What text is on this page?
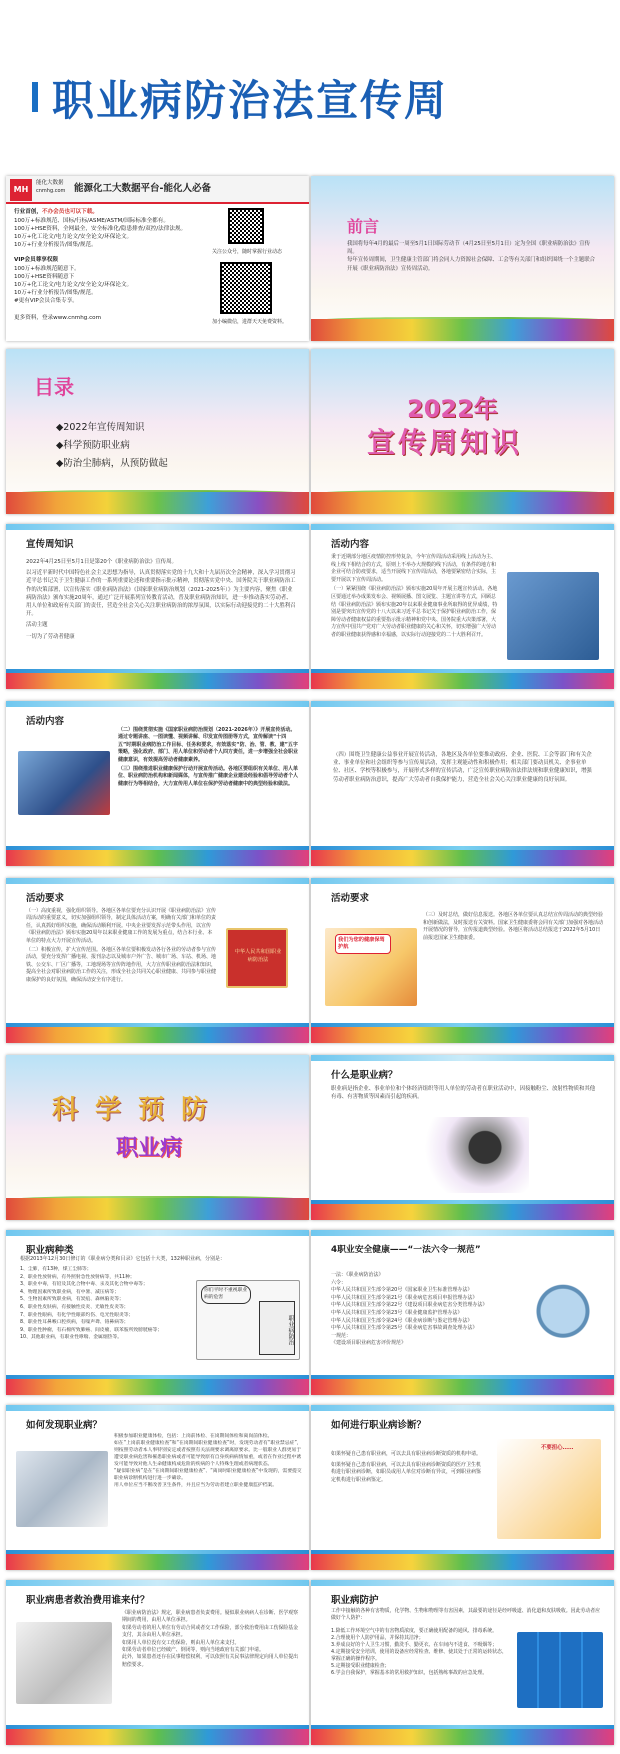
职业病防治法宣传周
MH
能化大数据
cnmhg.com 能源化工大数据平台-能化人必备
行业首创，不办会员也可以下载。
100万+标准规范、国标/行标/ASME/ASTM/国际标准全都有。
100万+HSE资料，全网最全，安全标准化/隐患排查/双控/法律法规。
10万+化工论文/电力论文/安全论文/环保论文。
10万+行业分析报告/图集/规范。
VIP会员尊享权限
100万+标准规范随意下。
100万+HSE资料随意下
10万+化工论文/电力论文/安全论文/环保论文。
10万+行业分析报告/图集/规范。
#更有VIP会员合集专享。
更多资料，登录www.cnmhg.com
关注公众号，随时掌握行业动态
加小编微信，进群天天免费资料。
前言
我国将每年4月的最后一周至5月1日国际劳动节（4月25日至5月1日）定为全国《职业病防治法》宣传周。
每年宣传周期间，卫生健康主管部门将会同人力资源社会保障、工会等有关部门和组织围绕一个主题联合开展《职业病防治法》宣传周活动。
目录
◆2022年宣传周知识
◆科学预防职业病
◆防治尘肺病，从预防做起
2022年
宣传周知识
宣传周知识
2022年4月25日至5月1日是第20个《职业病防治法》宣传周。
以习近平新时代中国特色社会主义思想为指导，认真贯彻落实党的十九大和十九届历次全会精神，深入学习贯彻习近平总书记关于卫生健康工作的一系列重要论述和重要指示批示精神，贯彻落实党中央、国务院关于职业病防治工作的决策部署，以宣传落实《职业病防治法》《国家职业病防治规划（2021-2025年）》为主要内容，聚焦《职业病防治法》颁布实施20周年，通过广泛开展系列宣传教育活动，普及职业病防治知识，进一步推动落实劳动者、用人单位和政府有关部门的责任，营造全社会关心关注职业病防治的浓厚氛围，以实际行动迎接党的二十大胜利召开。
活动主题
一切为了劳动者健康
活动内容
秉于近期部分地区疫情防控形势复杂，今年宣传周活动采用线上活动为主、线上线下相结合的方式，原则上不举办大规模的线下活动，有条件的地方和企业可结合防疫要求，适当开展线下宣传周活动，各地要紧密结合实际，主要开展以下宣传周活动。
（一）紧紧围绕《职业病防治法》颁布实施20周年开展主题宣传活动。各地区要通过举办成果发布会、视频展播、图文展览、主题宣讲等方式，回顾总结《职业病防治法》颁布实施20年以来职业健康事业所取得的优异成绩，特别是要突出宣传党的十八大以来习近平总书记关于保护职业病防治工作，保障劳动者健康权益的重要指示批示精神和党中央、国务院重大决策部署，大力宣传中国共产党对广大劳动者职业健康的关心和关怀，切实增强广大劳动者的职业健康获得感和幸福感，以实际行动迎接党的二十大胜利召开。
活动内容
（二）围绕贯彻实施《国家职业病防治规划（2021-2026年）》开展宣传活动。通过专题讲座、一图读懂、视频讲解、印发宣传图册等方式，宣传解读“十四五”时期职业病防治工作目标、任务和要求，有效落实“防、治、管、教、建”五字策略，强化政府、部门、用人单位和劳动者个人四方责任，进一步增强全社会职业健康意识，有效提高劳动者健康素养。
（三）围绕推进职业健康保护行动开展宣传活动。各地区要组织有关单位、用人单位、职业病防治机构和新闻媒体，与宣传推广健康企业建设经验和倡导劳动者个人健康行为等相结合，大力宣传用人单位在保护劳动者健康中的典型经验和做法。
（四）围绕卫生健康公益事业开展宣传活动，各地区及各单位要推动政府、企业、医院、工会等部门和有关企业、事业单位和社会组织等参与宣传周活动，发挥主观能动性和积极作用；相关部门要动员机关、企事业单位、社区、学校等积极参与，开展形式多样的宣传活动，广泛宣传职业病防治法律法规和职业健康知识，增强劳动者职业病防治意识，提高广大劳动者自我保护能力，营造全社会关心关注职业健康的良好氛围。
活动要求
（一）高度重视，强化组织领导。各地区各单位要充分认识开展《职业病防治法》宣传周活动的重要意义，切实加强组织领导，制定具体活动方案，明确有关部门和单位的责任，认真抓好组织实施，确保活动顺利开展。中央企业要发挥示范带头作用，以宣传《职业病防治法》颁布实施20周年以来职业健康工作的发展为重点，结合本行业、本单位的特点大力开展宣传活动。
（二）积极宣传，扩大宣传范围。各地区各单位要积极发动各行各业的劳动者参与宣传活动，要充分发挥广播电视、报刊杂志以及城市户外广告、城市广场、车站、机场、地铁、公交车、厂区广播等，工地现场等宣传阵地作用，大力宣传职业病防治法和知识，提高全社会对职业病防治工作的关注，形成全社会共同关心职业健康、共同参与职业健康保护的良好氛围，确保活动安全有序进行。
中华人民共和国职业病防治法
活动要求
我们为您的健康保驾护航
（三）及时总结，做好信息报送。各地区各单位要认真总结宣传周活动的典型经验和创新做法，及时报送有关资料。国家卫生健康委将会同有关部门加强对各地活动开展情况的督导，宣传报道典型经验。各地区将活动总结报送于2022年5月10日前报送国家卫生健康委。
科 学 预 防
职业病
什么是职业病？
职业病是指企业、事业单位和个体经济组织等用人单位的劳动者在职业活动中，因接触粉尘、放射性物质和其他有毒、有害物质等因素而引起的疾病。
职业病种类
根据2013年12月30日修订的《职业病分类和目录》它包括十大类，132种职业病，分别是：
1、尘肺，有13种，煤工尘肺等；
2、职业性放射病，有外照射急性放射病等，共11种；
3、职业中毒，有铅及其化合物中毒、汞及其化合物中毒等；
4、物理因素所致职业病，有中暑、减压病等；
5、生物因素所致职业病，有炭疽、森林脑炎等；
6、职业性皮肤病，有接触性皮炎、光敏性皮炎等；
7、职业性眼病，有化学性眼部灼伤、电光性眼炎等；
8、职业性耳鼻喉口腔疾病，有噪声聋、铬鼻病等；
9、职业性肿瘤，有石棉所致肺癌、间皮瘤，联苯胺所致膀胱癌等；
10、其他职业病，有职业性哮喘、金属烟热等。
你们平时不重视职业病的危害
职业病防治
4职业安全健康——“一法六令一规范”
一法：《职业病防治法》
六令：
中华人民共和国卫生部令第20号《国家职业卫生标准管理办法》
中华人民共和国卫生部令第21号《职业病危害项目申报管理办法》
中华人民共和国卫生部令第22号《建设项目职业病危害分类管理办法》
中华人民共和国卫生部令第23号《职业健康监护管理办法》
中华人民共和国卫生部令第24号《职业病诊断与鉴定管理办法》
中华人民共和国卫生部令第25号《职业病危害事故调查处理办法》
一规范：
《建设项目职业病危害评价规范》
如何发现职业病？
积极参加职业健康体检，包括：上岗前体检、在岗期间体检和离岗前体检。
如在“上岗前职业健康检查”和“在岗期间职业健康检查”时，发现劳动者有“职业禁忌症”，则按照劳动者本人事特别安定或者按照有关法规要求调离原要求。比一般职业人群更易于遭受职业病危害和罹患职业病或者可能导致原有自身疾病病情加重，或者在作业过程中诱发可能导致对他人生命健康构成危险的疾病的个人特殊生理或者病理状态。
“疑似职业病”是在“在岗期间职业健康检查”、“离岗时职业健康检查”中发现的，需要提交职业病诊断机构进行进一步确诊。
用人单位应当不断改善卫生条件，并且应当为劳动者建立职业健康监护档案。
如何进行职业病诊断？
如果怀疑自己患有职业病，可以去具有职业病诊断资质的机构申请。
如果怀疑自己患有职业病，可以去具有职业病诊断资质的医疗卫生机构进行职业病诊断，如职员或用人单位对诊断有异议，可到职业病鉴定机构进行职业病鉴定。
不要担心……
职业病患者救治费用谁来付？
《职业病防治法》规定，职业病患者负责费用。疑似职业病病人在诊断、医学观察期间的费用，由用人单位承担。
如果劳动者的用人单位有劳动合同或者交工作保险，部分救治费用由工伤保险基金支付，其余由用人单位承担。
如果用人单位没有交工伤保险，则由用人单位来支付。
如果劳动者单位已经破产、倒闭等，则向当地政府有关部门申请。
此外，如果患者还存在民事赔偿权利，可以依照有关民事法律规定向用人单位提出赔偿要求。
职业病防护
工作中接触的各种有害物质，化学物、生物和物理等有害因素，其最要的途径是经呼吸道、消化道和皮肤吸收。因此劳动者应做好个人防护：
1.降低工作环境空气中的有害物质浓度，要正确使用配备的通风、排毒系统。
2.合理使用个人防护用品，并保持其洁净；
3.养成良好的个人卫生习惯，勤洗手、勤更衣、在车间内不进食、不吸烟等；
4.定期接受安全培训，使用的设备应经常检查、维修、使其处于正常的运转状态，掌握正确的操作程序。
5.定期接受职业健康检查；
6.学会自我保护，掌握基本的常用救护知识，包括熟练事故的应急处理。
